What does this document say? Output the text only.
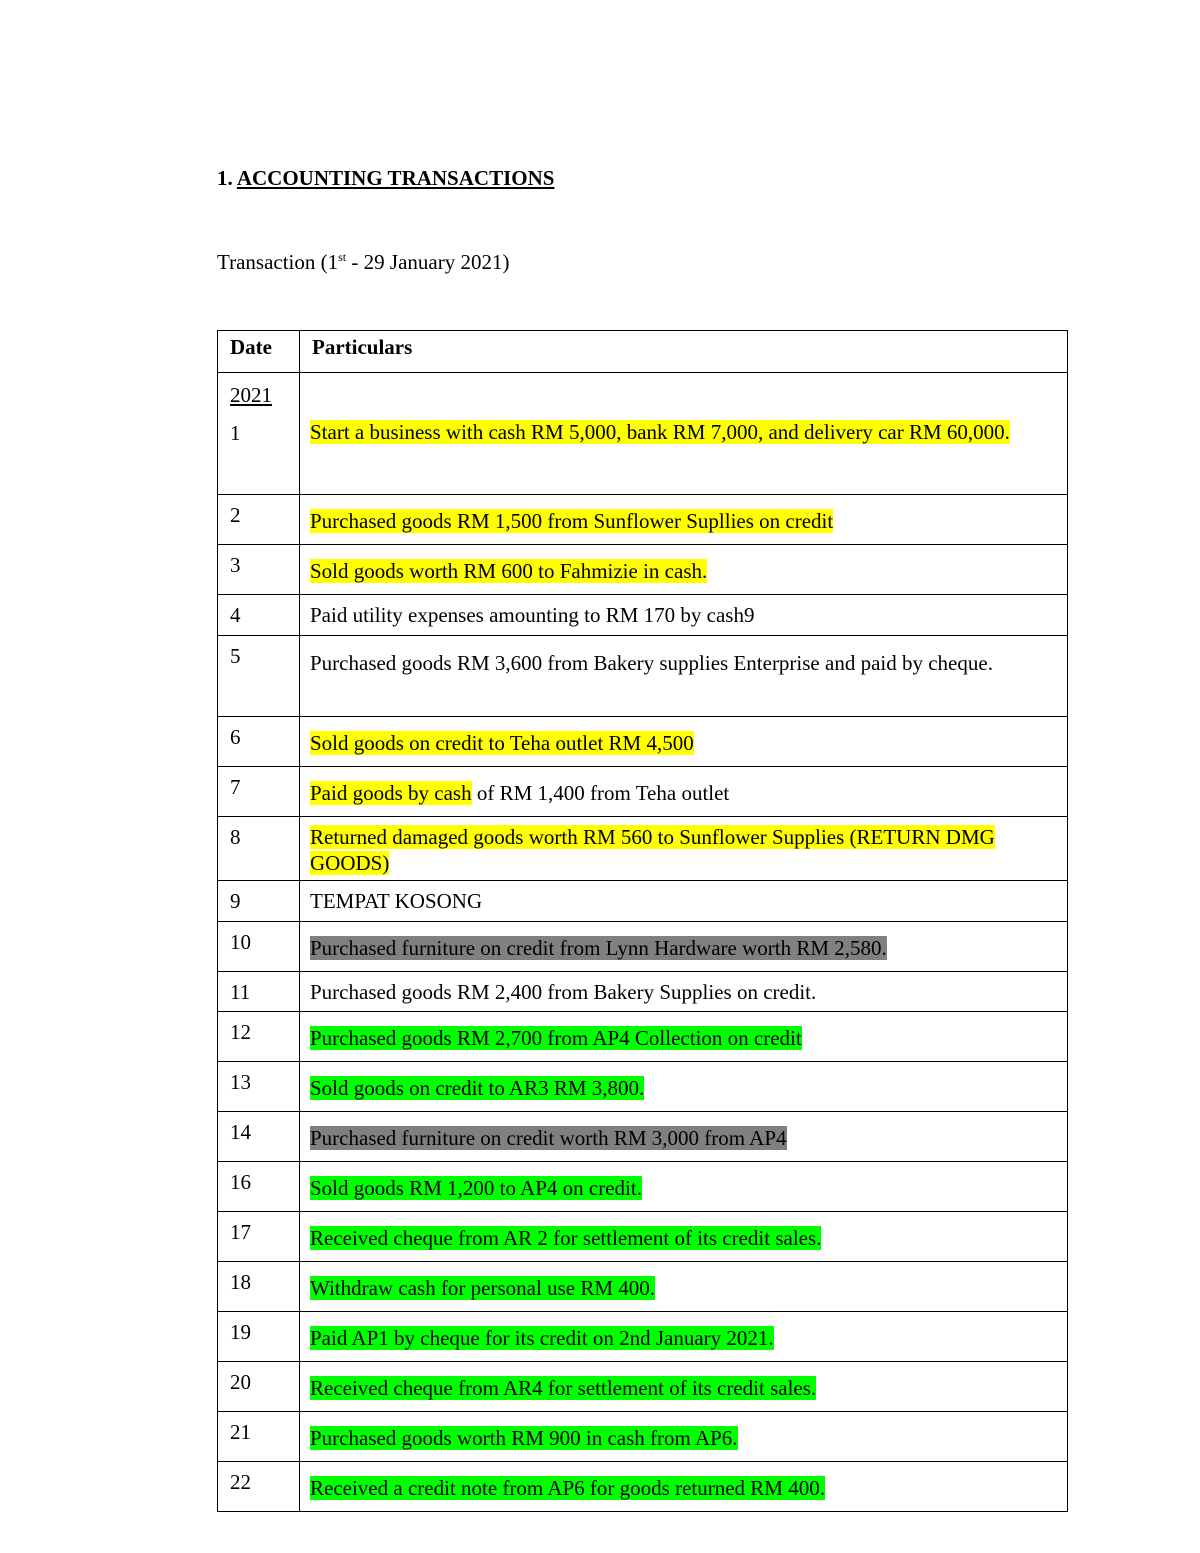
1. ACCOUNTING TRANSACTIONS
Transaction (1st - 29 January 2021)
Date	Particulars

2021
1	Start a business with cash RM 5,000, bank RM 7,000, and delivery car RM 60,000.

2	Purchased goods RM 1,500 from Sunflower Supllies on credit

3	Sold goods worth RM 600 to Fahmizie in cash.

4	Paid utility expenses amounting to RM 170 by cash9

5	Purchased goods RM 3,600 from Bakery supplies Enterprise and paid by cheque.

6	Sold goods on credit to Teha outlet RM 4,500

7	Paid goods by cash of RM 1,400 from Teha outlet

8	Returned damaged goods worth RM 560 to Sunflower Supplies (RETURN DMG GOODS)

9	TEMPAT KOSONG

10	Purchased furniture on credit from Lynn Hardware worth RM 2,580.

11	Purchased goods RM 2,400 from Bakery Supplies on credit.

12	Purchased goods RM 2,700 from AP4 Collection on credit

13	Sold goods on credit to AR3 RM 3,800.

14	Purchased furniture on credit worth RM 3,000 from AP4

16	Sold goods RM 1,200 to AP4 on credit.

17	Received cheque from AR 2 for settlement of its credit sales.

18	Withdraw cash for personal use RM 400.

19	Paid AP1 by cheque for its credit on 2nd January 2021.

20	Received cheque from AR4 for settlement of its credit sales.

21	Purchased goods worth RM 900 in cash from AP6.

22	Received a credit note from AP6 for goods returned RM 400.
